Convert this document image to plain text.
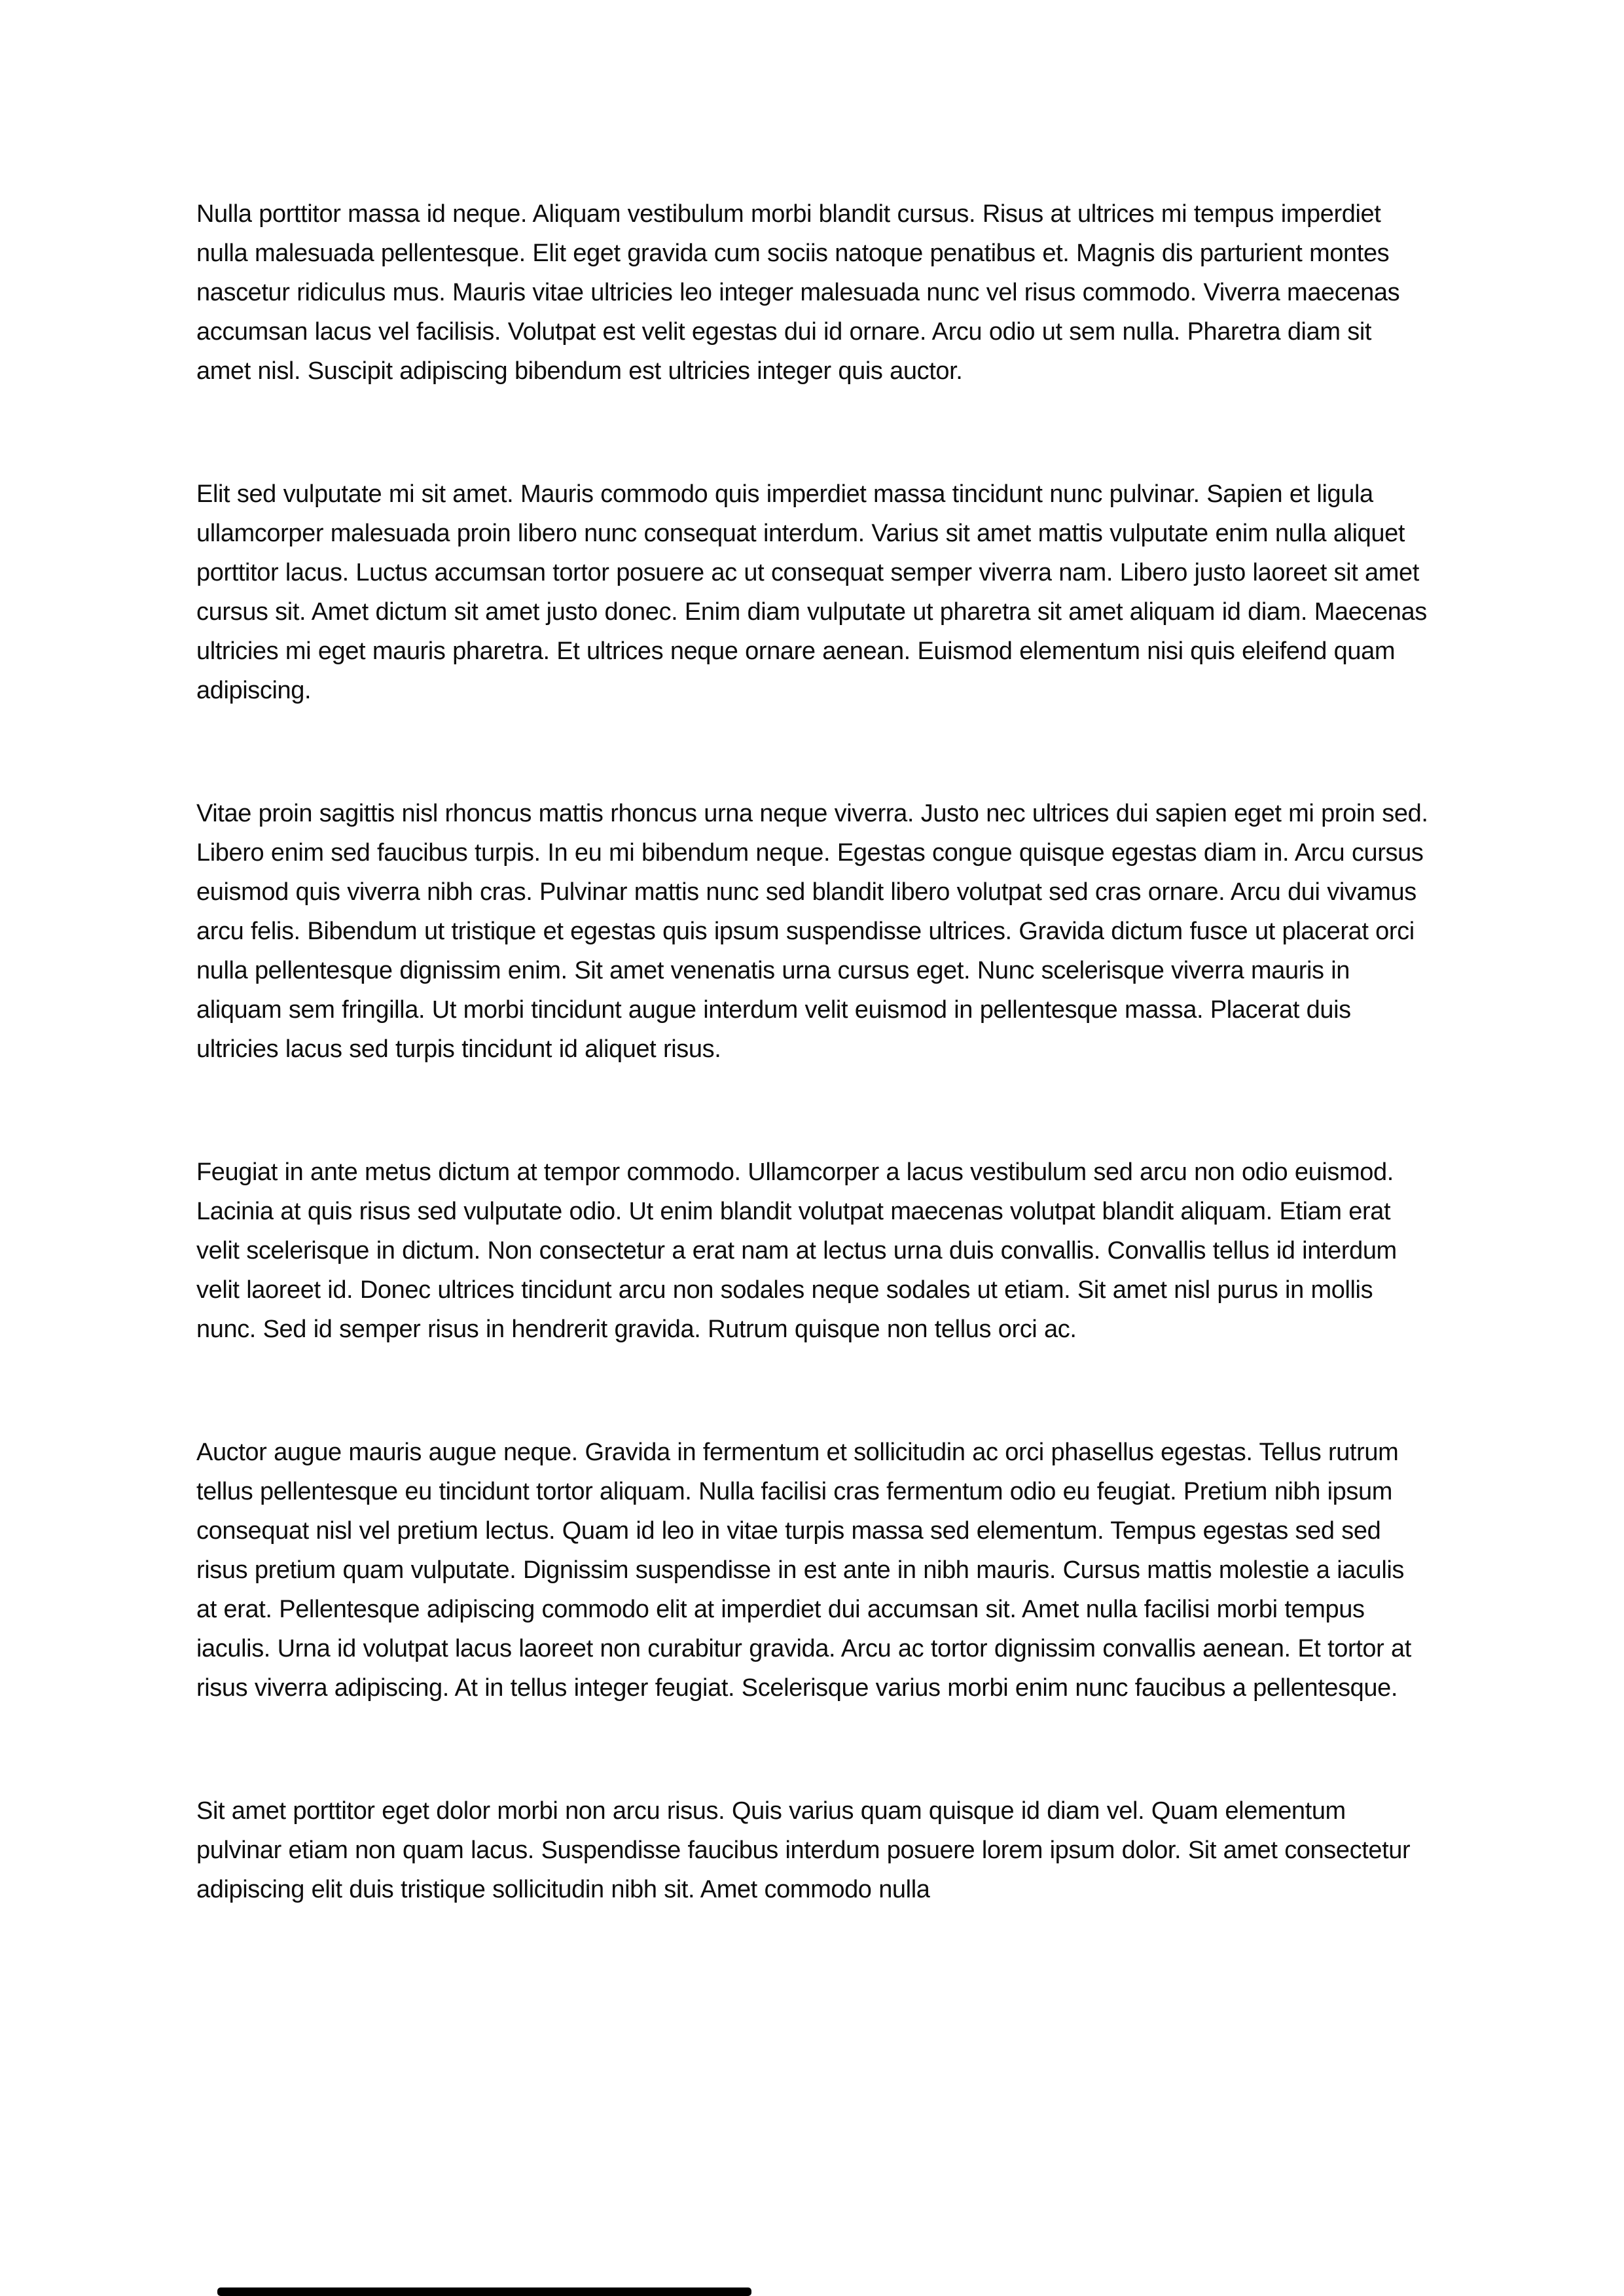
Nulla porttitor massa id neque. Aliquam vestibulum morbi blandit cursus. Risus at ultrices mi tempus imperdiet nulla malesuada pellentesque. Elit eget gravida cum sociis natoque penatibus et. Magnis dis parturient montes nascetur ridiculus mus. Mauris vitae ultricies leo integer malesuada nunc vel risus commodo. Viverra maecenas accumsan lacus vel facilisis. Volutpat est velit egestas dui id ornare. Arcu odio ut sem nulla. Pharetra diam sit amet nisl. Suscipit adipiscing bibendum est ultricies integer quis auctor.

Elit sed vulputate mi sit amet. Mauris commodo quis imperdiet massa tincidunt nunc pulvinar. Sapien et ligula ullamcorper malesuada proin libero nunc consequat interdum. Varius sit amet mattis vulputate enim nulla aliquet porttitor lacus. Luctus accumsan tortor posuere ac ut consequat semper viverra nam. Libero justo laoreet sit amet cursus sit. Amet dictum sit amet justo donec. Enim diam vulputate ut pharetra sit amet aliquam id diam. Maecenas ultricies mi eget mauris pharetra. Et ultrices neque ornare aenean. Euismod elementum nisi quis eleifend quam adipiscing.

Vitae proin sagittis nisl rhoncus mattis rhoncus urna neque viverra. Justo nec ultrices dui sapien eget mi proin sed. Libero enim sed faucibus turpis. In eu mi bibendum neque. Egestas congue quisque egestas diam in. Arcu cursus euismod quis viverra nibh cras. Pulvinar mattis nunc sed blandit libero volutpat sed cras ornare. Arcu dui vivamus arcu felis. Bibendum ut tristique et egestas quis ipsum suspendisse ultrices. Gravida dictum fusce ut placerat orci nulla pellentesque dignissim enim. Sit amet venenatis urna cursus eget. Nunc scelerisque viverra mauris in aliquam sem fringilla. Ut morbi tincidunt augue interdum velit euismod in pellentesque massa. Placerat duis ultricies lacus sed turpis tincidunt id aliquet risus.

Feugiat in ante metus dictum at tempor commodo. Ullamcorper a lacus vestibulum sed arcu non odio euismod. Lacinia at quis risus sed vulputate odio. Ut enim blandit volutpat maecenas volutpat blandit aliquam. Etiam erat velit scelerisque in dictum. Non consectetur a erat nam at lectus urna duis convallis. Convallis tellus id interdum velit laoreet id. Donec ultrices tincidunt arcu non sodales neque sodales ut etiam. Sit amet nisl purus in mollis nunc. Sed id semper risus in hendrerit gravida. Rutrum quisque non tellus orci ac.

Auctor augue mauris augue neque. Gravida in fermentum et sollicitudin ac orci phasellus egestas. Tellus rutrum tellus pellentesque eu tincidunt tortor aliquam. Nulla facilisi cras fermentum odio eu feugiat. Pretium nibh ipsum consequat nisl vel pretium lectus. Quam id leo in vitae turpis massa sed elementum. Tempus egestas sed sed risus pretium quam vulputate. Dignissim suspendisse in est ante in nibh mauris. Cursus mattis molestie a iaculis at erat. Pellentesque adipiscing commodo elit at imperdiet dui accumsan sit. Amet nulla facilisi morbi tempus iaculis. Urna id volutpat lacus laoreet non curabitur gravida. Arcu ac tortor dignissim convallis aenean. Et tortor at risus viverra adipiscing. At in tellus integer feugiat. Scelerisque varius morbi enim nunc faucibus a pellentesque.

Sit amet porttitor eget dolor morbi non arcu risus. Quis varius quam quisque id diam vel. Quam elementum pulvinar etiam non quam lacus. Suspendisse faucibus interdum posuere lorem ipsum dolor. Sit amet consectetur adipiscing elit duis tristique sollicitudin nibh sit. Amet commodo nulla
